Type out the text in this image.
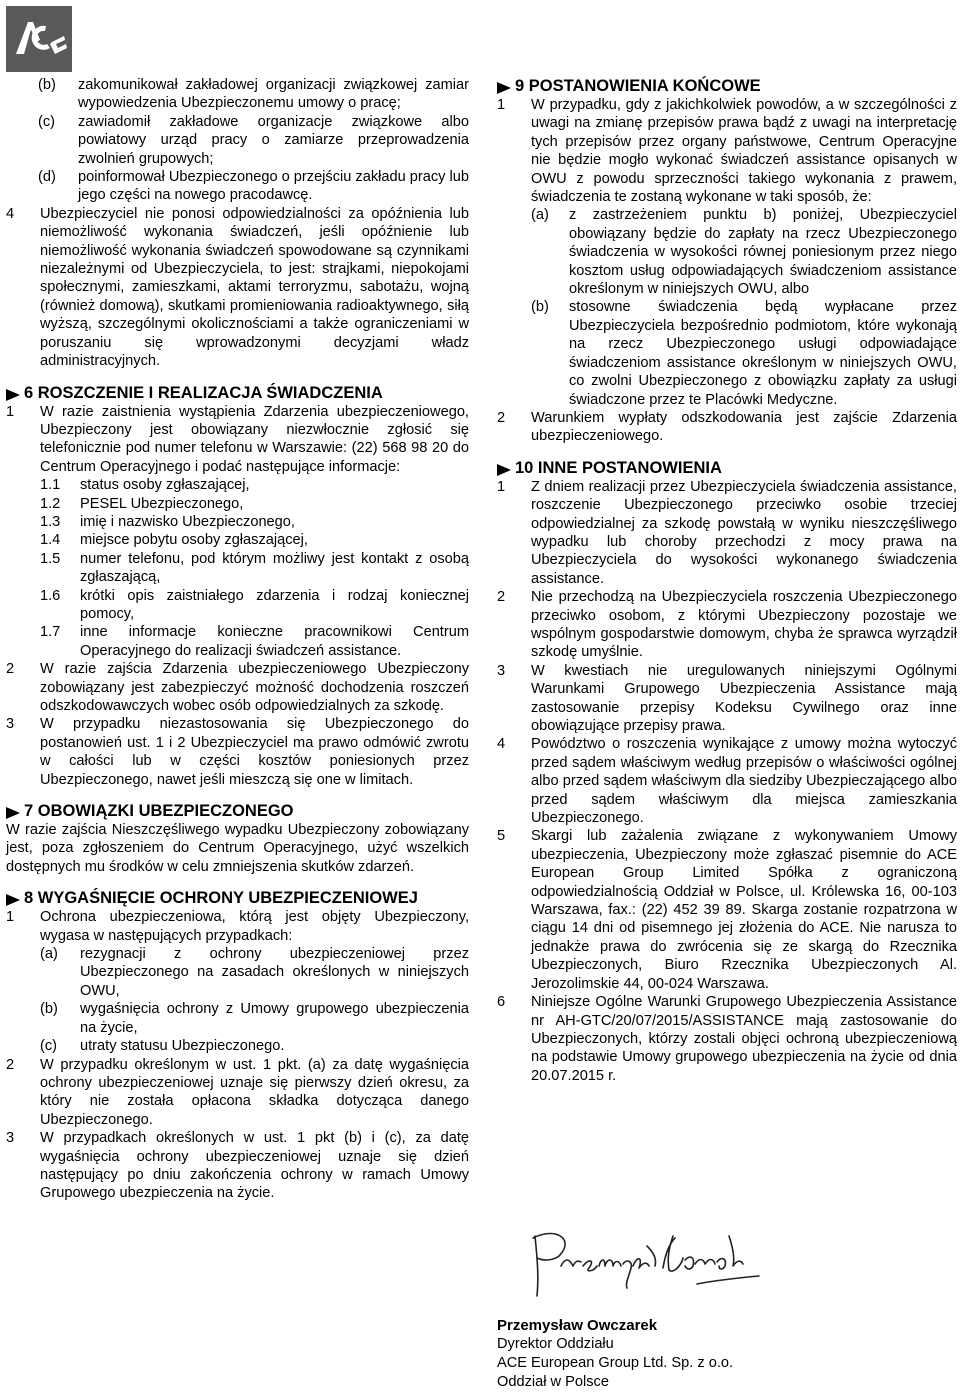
(b)	zakomunikował zakładowej organizacji związkowej zamiar wypowiedzenia Ubezpieczonemu umowy o pracę;
(c)	zawiadomił zakładowe organizacje związkowe albo powiatowy urząd pracy o zamiarze przeprowadzenia zwolnień grupowych;
(d)	poinformował Ubezpieczonego o przejściu zakładu pracy lub jego części na nowego pracodawcę.
4	Ubezpieczyciel nie ponosi odpowiedzialności za opóźnienia lub niemożliwość wykonania świadczeń, jeśli opóźnienie lub niemożliwość wykonania świadczeń spowodowane są czynnikami niezależnymi od Ubezpieczyciela, to jest: strajkami, niepokojami społecznymi, zamieszkami, aktami terroryzmu, sabotażu, wojną (również domową), skutkami promieniowania radioaktywnego, siłą wyższą, szczególnymi okolicznościami a także ograniczeniami w poruszaniu się wprowadzonymi decyzjami władz administracyjnych.
6 ROSZCZENIE I REALIZACJA ŚWIADCZENIA
1	W razie zaistnienia wystąpienia Zdarzenia ubezpieczeniowego, Ubezpieczony jest obowiązany niezwłocznie zgłosić się telefonicznie pod numer telefonu w Warszawie: (22) 568 98 20 do Centrum Operacyjnego i podać następujące informacje:
1.1	status osoby zgłaszającej,
1.2	PESEL Ubezpieczonego,
1.3	imię i nazwisko Ubezpieczonego,
1.4	miejsce pobytu osoby zgłaszającej,
1.5	numer telefonu, pod którym możliwy jest kontakt z osobą zgłaszającą,
1.6	krótki opis zaistniałego zdarzenia i rodzaj koniecznej pomocy,
1.7	inne informacje konieczne pracownikowi Centrum Operacyjnego do realizacji świadczeń assistance.
2	W razie zajścia Zdarzenia ubezpieczeniowego Ubezpieczony zobowiązany jest zabezpieczyć możność dochodzenia roszczeń odszkodowawczych wobec osób odpowiedzialnych za szkodę.
3	W przypadku niezastosowania się Ubezpieczonego do postanowień ust. 1 i 2 Ubezpieczyciel ma prawo odmówić zwrotu w całości lub w części kosztów poniesionych przez Ubezpieczonego, nawet jeśli mieszczą się one w limitach.
7 OBOWIĄZKI UBEZPIECZONEGO
W razie zajścia Nieszczęśliwego wypadku Ubezpieczony zobowiązany jest, poza zgłoszeniem do Centrum Operacyjnego, użyć wszelkich dostępnych mu środków w celu zmniejszenia skutków zdarzeń.
8 WYGAŚNIĘCIE OCHRONY UBEZPIECZENIOWEJ
1	Ochrona ubezpieczeniowa, którą jest objęty Ubezpieczony, wygasa w następujących przypadkach:
(a)	rezygnacji z ochrony ubezpieczeniowej przez Ubezpieczonego na zasadach określonych w niniejszych OWU,
(b)	wygaśnięcia ochrony z Umowy grupowego ubezpieczenia na życie,
(c)	utraty statusu Ubezpieczonego.
2	W przypadku określonym w ust. 1 pkt. (a) za datę wygaśnięcia ochrony ubezpieczeniowej uznaje się pierwszy dzień okresu, za który nie została opłacona składka dotycząca danego Ubezpieczonego.
3	W przypadkach określonych w ust. 1 pkt (b) i (c), za datę wygaśnięcia ochrony ubezpieczeniowej uznaje się dzień następujący po dniu zakończenia ochrony w ramach Umowy Grupowego ubezpieczenia na życie.
9 POSTANOWIENIA KOŃCOWE
1	W przypadku, gdy z jakichkolwiek powodów, a w szczególności z uwagi na zmianę przepisów prawa bądź z uwagi na interpretację tych przepisów przez organy państwowe, Centrum Operacyjne nie będzie mogło wykonać świadczeń assistance opisanych w OWU z powodu sprzeczności takiego wykonania z prawem, świadczenia te zostaną wykonane w taki sposób, że:
(a)	z zastrzeżeniem punktu b) poniżej, Ubezpieczyciel obowiązany będzie do zapłaty na rzecz Ubezpieczonego świadczenia w wysokości równej poniesionym przez niego kosztom usług odpowiadających świadczeniom assistance określonym w niniejszych OWU, albo
(b)	stosowne świadczenia będą wypłacane przez Ubezpieczyciela bezpośrednio podmiotom, które wykonają na rzecz Ubezpieczonego usługi odpowiadające świadczeniom assistance określonym w niniejszych OWU, co zwolni Ubezpieczonego z obowiązku zapłaty za usługi świadczone przez te Placówki Medyczne.
2	Warunkiem wypłaty odszkodowania jest zajście Zdarzenia ubezpieczeniowego.
10 INNE POSTANOWIENIA
1	Z dniem realizacji przez Ubezpieczyciela świadczenia assistance, roszczenie Ubezpieczonego przeciwko osobie trzeciej odpowiedzialnej za szkodę powstałą w wyniku nieszczęśliwego wypadku lub choroby przechodzi z mocy prawa na Ubezpieczyciela do wysokości wykonanego świadczenia assistance.
2	Nie przechodzą na Ubezpieczyciela roszczenia Ubezpieczonego przeciwko osobom, z którymi Ubezpieczony pozostaje we wspólnym gospodarstwie domowym, chyba że sprawca wyrządził szkodę umyślnie.
3	W kwestiach nie uregulowanych niniejszymi Ogólnymi Warunkami Grupowego Ubezpieczenia Assistance mają zastosowanie przepisy Kodeksu Cywilnego oraz inne obowiązujące przepisy prawa.
4	Powództwo o roszczenia wynikające z umowy można wytoczyć przed sądem właściwym według przepisów o właściwości ogólnej albo przed sądem właściwym dla siedziby Ubezpieczającego albo przed sądem właściwym dla miejsca zamieszkania Ubezpieczonego.
5	Skargi lub zażalenia związane z wykonywaniem Umowy ubezpieczenia, Ubezpieczony może zgłaszać pisemnie do ACE European Group Limited Spółka z ograniczoną odpowiedzialnością Oddział w Polsce, ul. Królewska 16, 00-103 Warszawa, fax.: (22) 452 39 89. Skarga zostanie rozpatrzona w ciągu 14 dni od pisemnego jej złożenia do ACE. Nie narusza to jednakże prawa do zwrócenia się ze skargą do Rzecznika Ubezpieczonych, Biuro Rzecznika Ubezpieczonych Al. Jerozolimskie 44, 00-024 Warszawa.
6	Niniejsze Ogólne Warunki Grupowego Ubezpieczenia Assistance nr AH-GTC/20/07/2015/ASSISTANCE mają zastosowanie do Ubezpieczonych, którzy zostali objęci ochroną ubezpieczeniową na podstawie Umowy grupowego ubezpieczenia na życie od dnia 20.07.2015 r.
Przemysław Owczarek
Dyrektor Oddziału
ACE European Group Ltd. Sp. z o.o.
Oddział w Polsce
